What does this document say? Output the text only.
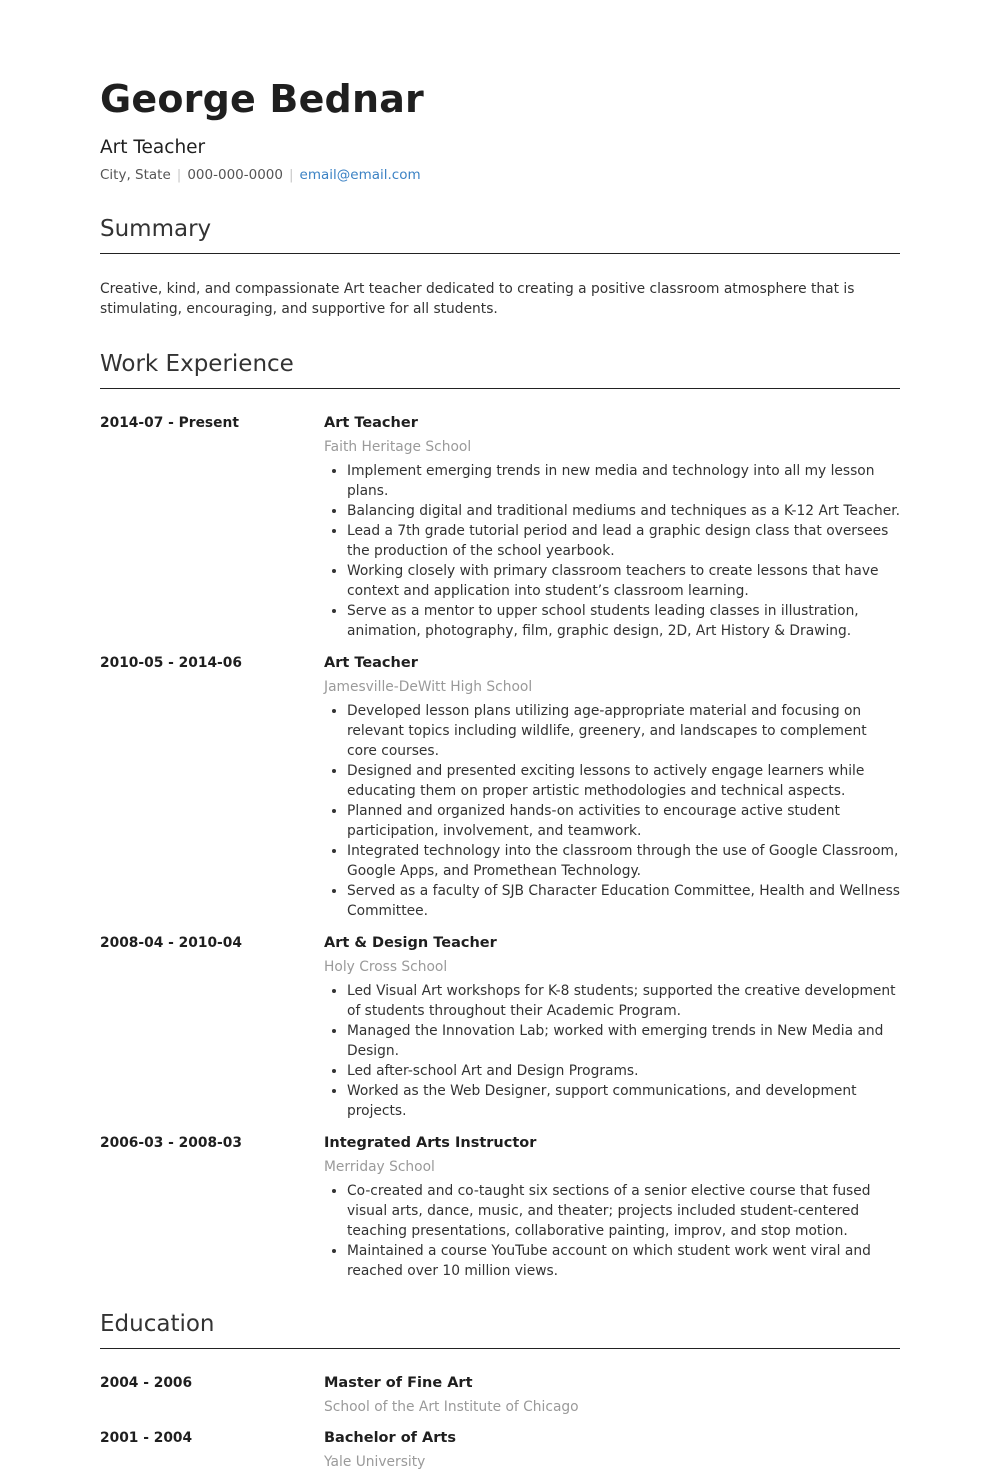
George Bednar
Art Teacher
City, State | 000-000-0000 | email@email.com
Summary
Creative, kind, and compassionate Art teacher dedicated to creating a positive classroom atmosphere that is stimulating, encouraging, and supportive for all students.
Work Experience
2014-07 - Present	Art Teacher
Faith Heritage School
• Implement emerging trends in new media and technology into all my lesson plans.
• Balancing digital and traditional mediums and techniques as a K-12 Art Teacher.
• Lead a 7th grade tutorial period and lead a graphic design class that oversees the production of the school yearbook.
• Working closely with primary classroom teachers to create lessons that have context and application into student’s classroom learning.
• Serve as a mentor to upper school students leading classes in illustration, animation, photography, film, graphic design, 2D, Art History & Drawing.
2010-05 - 2014-06	Art Teacher
Jamesville-DeWitt High School
• Developed lesson plans utilizing age-appropriate material and focusing on relevant topics including wildlife, greenery, and landscapes to complement core courses.
• Designed and presented exciting lessons to actively engage learners while educating them on proper artistic methodologies and technical aspects.
• Planned and organized hands-on activities to encourage active student participation, involvement, and teamwork.
• Integrated technology into the classroom through the use of Google Classroom, Google Apps, and Promethean Technology.
• Served as a faculty of SJB Character Education Committee, Health and Wellness Committee.
2008-04 - 2010-04	Art & Design Teacher
Holy Cross School
• Led Visual Art workshops for K-8 students; supported the creative development of students throughout their Academic Program.
• Managed the Innovation Lab; worked with emerging trends in New Media and Design.
• Led after-school Art and Design Programs.
• Worked as the Web Designer, support communications, and development projects.
2006-03 - 2008-03	Integrated Arts Instructor
Merriday School
• Co-created and co-taught six sections of a senior elective course that fused visual arts, dance, music, and theater; projects included student-centered teaching presentations, collaborative painting, improv, and stop motion.
• Maintained a course YouTube account on which student work went viral and reached over 10 million views.
Education
2004 - 2006	Master of Fine Art
School of the Art Institute of Chicago
2001 - 2004	Bachelor of Arts
Yale University
